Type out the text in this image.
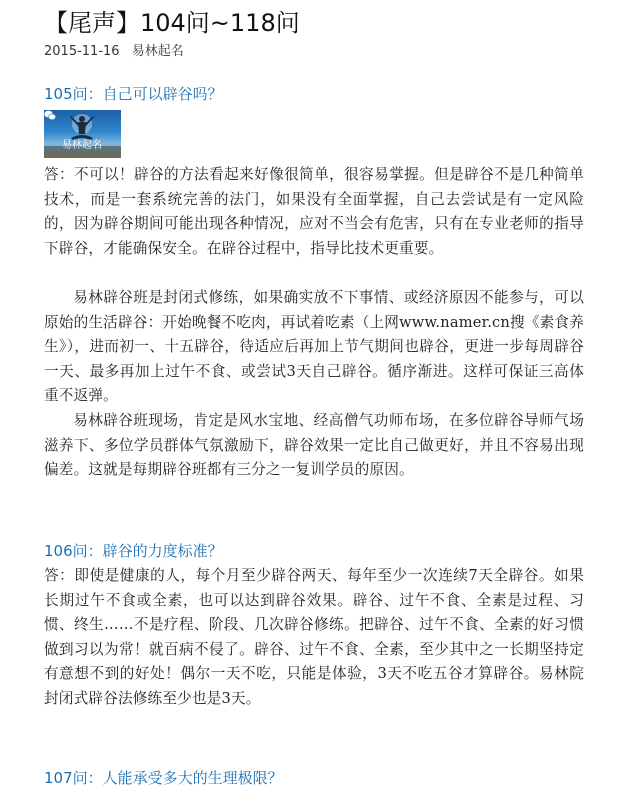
【尾声】104问~118问
2015-11-16 易林起名
105问：自己可以辟谷吗？
易林起名

答：不可以！辟谷的方法看起来好像很简单，很容易掌握。但是辟谷不是几种简单技术，而是一套系统完善的法门，如果没有全面掌握，自己去尝试是有一定风险的，因为辟谷期间可能出现各种情况，应对不当会有危害，只有在专业老师的指导下辟谷，才能确保安全。在辟谷过程中，指导比技术更重要。

易林辟谷班是封闭式修练，如果确实放不下事情、或经济原因不能参与，可以原始的生活辟谷：开始晚餐不吃肉，再试着吃素（上网www.namer.cn搜《素食养生》），进而初一、十五辟谷，待适应后再加上节气期间也辟谷，更进一步每周辟谷一天、最多再加上过午不食、或尝试3天自己辟谷。循序渐进。这样可保证三高体重不返弹。

易林辟谷班现场，肯定是风水宝地、经高僧气功师布场，在多位辟谷导师气场滋养下、多位学员群体气氛激励下，辟谷效果一定比自己做更好，并且不容易出现偏差。这就是每期辟谷班都有三分之一复训学员的原因。

106问：辟谷的力度标准？

答：即使是健康的人，每个月至少辟谷两天、每年至少一次连续7天全辟谷。如果长期过午不食或全素，也可以达到辟谷效果。辟谷、过午不食、全素是过程、习惯、终生……不是疗程、阶段、几次辟谷修练。把辟谷、过午不食、全素的好习惯做到习以为常！就百病不侵了。辟谷、过午不食、全素，至少其中之一长期坚持定有意想不到的好处！偶尔一天不吃，只能是体验，3天不吃五谷才算辟谷。易林院封闭式辟谷法修练至少也是3天。

107问：人能承受多大的生理极限？
